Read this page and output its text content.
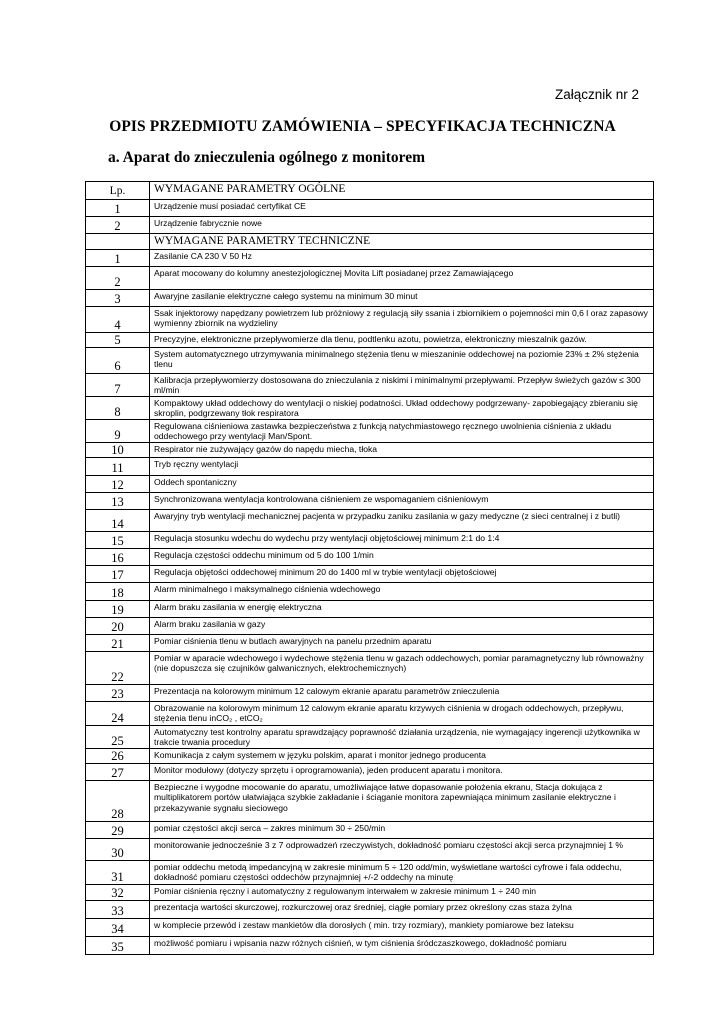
Załącznik nr 2
OPIS PRZEDMIOTU ZAMÓWIENIA – SPECYFIKACJA TECHNICZNA
a. Aparat do znieczulenia ogólnego z monitorem
Lp.	WYMAGANE PARAMETRY OGÓLNE
1	Urządzenie musi posiadać certyfikat CE
2	Urządzenie fabrycznie nowe
	WYMAGANE PARAMETRY TECHNICZNE
1	Zasilanie CA 230 V 50 Hz
2	Aparat mocowany do kolumny anestezjologicznej Movita Lift posiadanej przez Zamawiającego
3	Awaryjne zasilanie elektryczne całego systemu na minimum 30 minut
4	Ssak injektorowy napędzany powietrzem lub próżniowy z regulacją siły ssania i zbiornikiem o pojemności min 0,6 l oraz zapasowy wymienny zbiornik na wydzieliny
5	Precyzyjne, elektroniczne przepływomierze dla tlenu, podtlenku azotu, powietrza, elektroniczny mieszalnik gazów.
6	System automatycznego utrzymywania minimalnego stężenia tlenu w mieszaninie oddechowej na poziomie 23% ± 2% stężenia tlenu
7	Kalibracja przepływomierzy dostosowana do znieczulania z niskimi i minimalnymi przepływami. Przepływ świeżych gazów ≤ 300 ml/min
8	Kompaktowy układ oddechowy do wentylacji o niskiej podatności. Układ oddechowy podgrzewany- zapobiegający zbieraniu się skroplin, podgrzewany tłok respiratora
9	Regulowana ciśnieniowa zastawka bezpieczeństwa z funkcją natychmiastowego ręcznego uwolnienia ciśnienia z układu oddechowego przy wentylacji Man/Spont.
10	Respirator nie zużywający gazów do napędu miecha, tłoka
11	Tryb ręczny wentylacji
12	Oddech spontaniczny
13	Synchronizowana wentylacja kontrolowana ciśnieniem ze wspomaganiem ciśnieniowym
14	Awaryjny tryb wentylacji mechanicznej pacjenta w przypadku zaniku zasilania w gazy medyczne (z sieci centralnej i z butli)
15	Regulacja stosunku wdechu do wydechu przy wentylacji objętościowej minimum 2:1 do 1:4
16	Regulacja częstości oddechu minimum od 5 do 100 1/min
17	Regulacja objętości oddechowej minimum 20 do 1400 ml w trybie wentylacji objętościowej
18	Alarm minimalnego i maksymalnego ciśnienia wdechowego
19	Alarm braku zasilania w energię elektryczna
20	Alarm braku zasilania w gazy
21	Pomiar ciśnienia tlenu w butlach awaryjnych na panelu przednim aparatu
22	Pomiar w aparacie wdechowego i wydechowe stężenia tlenu w gazach oddechowych, pomiar paramagnetyczny lub równoważny (nie dopuszcza się czujników galwanicznych, elektrochemicznych)
23	Prezentacja na kolorowym minimum 12 calowym ekranie aparatu parametrów znieczulenia
24	Obrazowanie na kolorowym minimum 12 calowym ekranie aparatu krzywych ciśnienia w drogach oddechowych, przepływu, stężenia tlenu inCO₂ , etCO₂
25	Automatyczny test kontrolny aparatu sprawdzający poprawność działania urządzenia, nie wymagający ingerencji użytkownika w trakcie trwania procedury
26	Komunikacja z całym systemem w języku polskim, aparat i monitor jednego producenta
27	Monitor modułowy (dotyczy sprzętu i oprogramowania), jeden producent aparatu i monitora.
28	Bezpieczne i wygodne mocowanie do aparatu, umożliwiające łatwe dopasowanie położenia ekranu, Stacja dokująca z multiplikatorem portów ułatwiająca szybkie zakładanie i ściąganie monitora zapewniająca minimum zasilanie elektryczne i przekazywanie sygnału sieciowego
29	pomiar częstości akcji serca – zakres minimum 30 ÷ 250/min
30	monitorowanie jednocześnie 3 z 7 odprowadzeń rzeczywistych, dokładność pomiaru częstości akcji serca przynajmniej 1 %
31	pomiar oddechu metodą impedancyjną w zakresie minimum 5 ÷ 120 odd/min, wyświetlane wartości cyfrowe i fala oddechu, dokładność pomiaru częstości oddechów przynajmniej +/-2 oddechy na minutę
32	Pomiar ciśnienia ręczny i automatyczny z regulowanym interwałem w zakresie minimum 1 ÷ 240 min
33	prezentacja wartości skurczowej, rozkurczowej oraz średniej, ciągłe pomiary przez określony czas staza żylna
34	w komplecie przewód i zestaw mankietów dla dorosłych ( min. trzy rozmiary), mankiety pomiarowe bez lateksu
35	możliwość pomiaru i wpisania nazw różnych ciśnień, w tym ciśnienia śródczaszkowego, dokładność pomiaru
